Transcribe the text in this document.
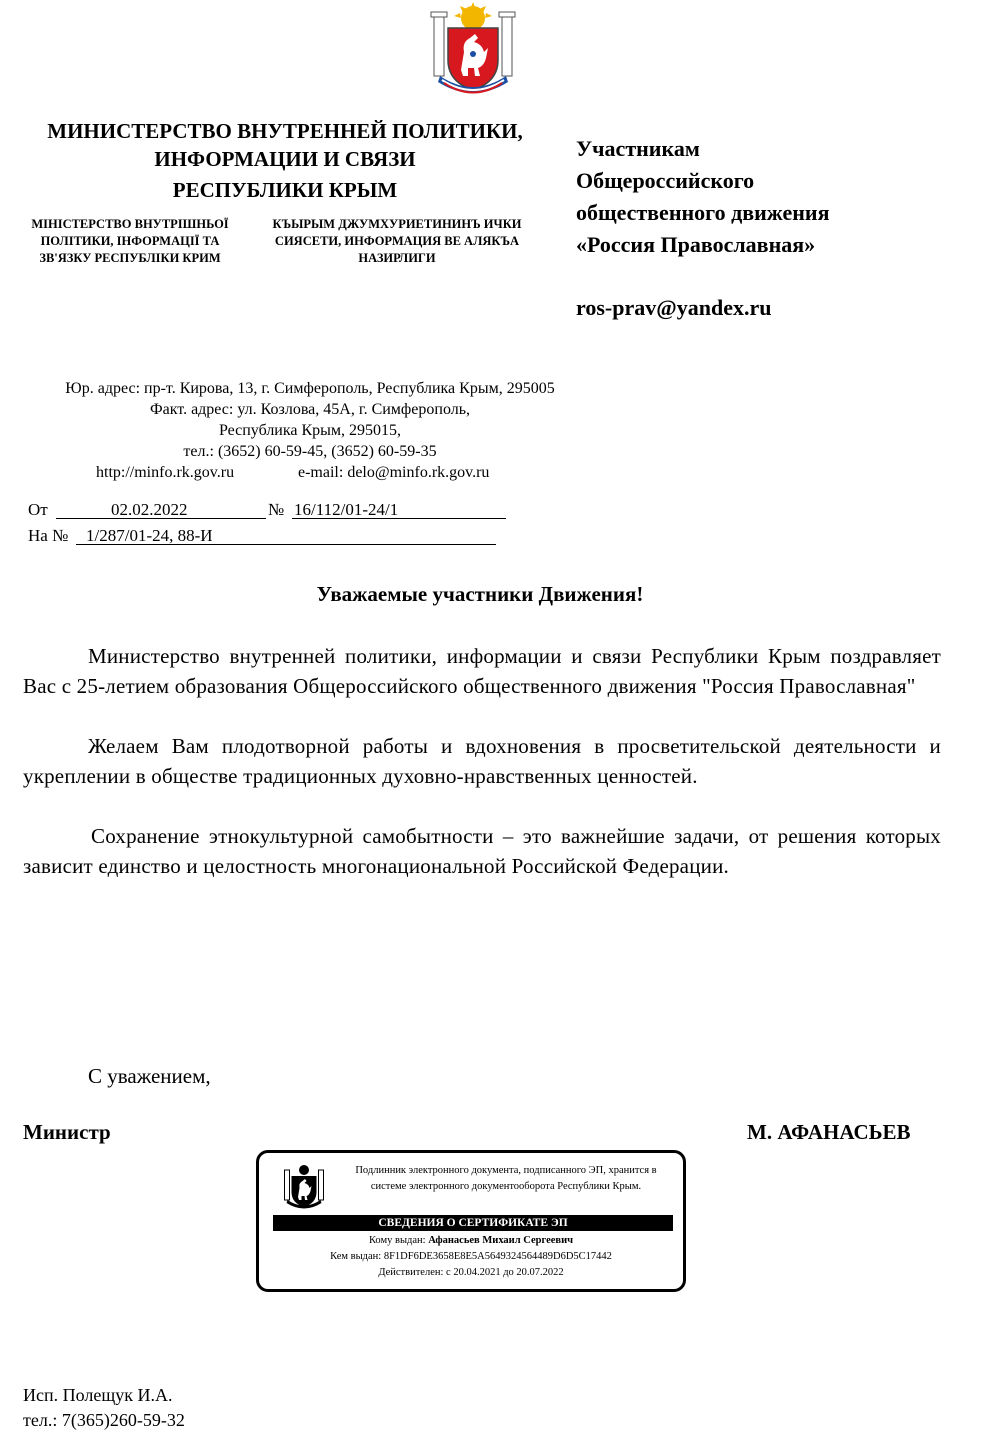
МИНИСТЕРСТВО ВНУТРЕННЕЙ ПОЛИТИКИ,
ИНФОРМАЦИИ И СВЯЗИ
РЕСПУБЛИКИ КРЫМ
МІНІСТЕРСТВО ВНУТРІШНЬОЇ
ПОЛІТИКИ, ІНФОРМАЦІЇ ТА
ЗВ'ЯЗКУ РЕСПУБЛІКИ КРИМ
КЪЫРЫМ ДЖУМХУРИЕТИНИНЪ ИЧКИ
СИЯСЕТИ, ИНФОРМАЦИЯ ВЕ АЛЯКЪА
НАЗИРЛИГИ
Участникам
Общероссийского
общественного движения
«Россия Православная»
ros-prav@yandex.ru
Юр. адрес: пр-т. Кирова, 13, г. Симферополь, Республика Крым, 295005
Факт. адрес: ул. Козлова, 45А, г. Симферополь,
Республика Крым, 295015,
тел.: (3652) 60-59-45, (3652) 60-59-35
http://minfo.rk.gov.ru	e-mail: delo@minfo.rk.gov.ru
От	02.02.2022	№ 16/112/01-24/1
На № 1/287/01-24, 88-И
Уважаемые участники Движения!
Министерство внутренней политики, информации и связи Республики Крым поздравляет Вас с 25-летием образования Общероссийского общественного движения "Россия Православная"
Желаем Вам плодотворной работы и вдохновения в просветительской деятельности и укреплении в обществе традиционных духовно-нравственных ценностей.
Сохранение этнокультурной самобытности – это важнейшие задачи, от решения которых зависит единство и целостность многонациональной Российской Федерации.
С уважением,
Министр	М. АФАНАСЬЕВ
Подлинник электронного документа, подписанного ЭП, хранится в
системе электронного документооборота Республики Крым.
СВЕДЕНИЯ О СЕРТИФИКАТЕ ЭП
Кому выдан: Афанасьев Михаил Сергеевич
Кем выдан: 8F1DF6DE3658E8E5A5649324564489D6D5C17442
Действителен: с 20.04.2021 до 20.07.2022
Исп. Полещук И.А.
тел.: 7(365)260-59-32
